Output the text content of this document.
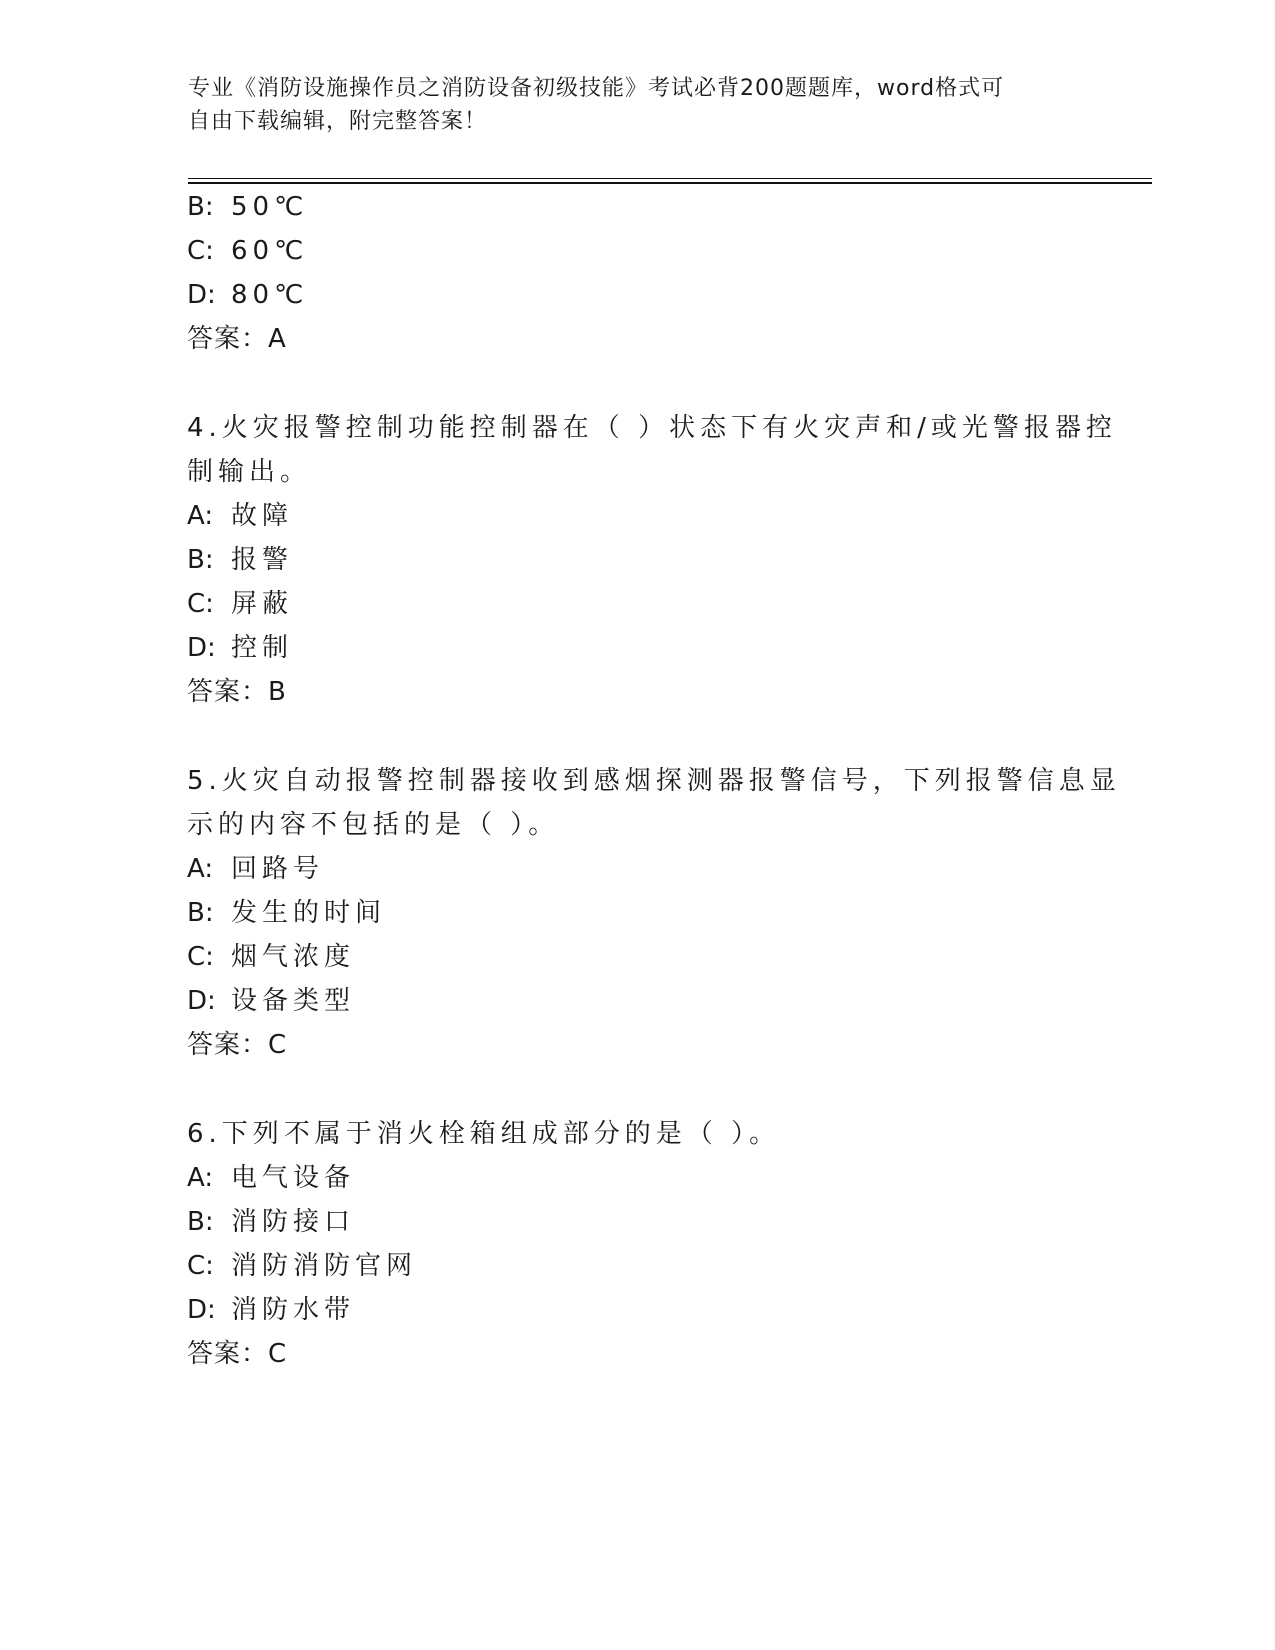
专业《消防设施操作员之消防设备初级技能》考试必背200题题库，word格式可
自由下载编辑，附完整答案！
B: 50℃
C: 60℃
D: 80℃
答案：A
4.火灾报警控制功能控制器在（ ）状态下有火灾声和/或光警报器控
制输出。
A: 故障
B: 报警
C: 屏蔽
D: 控制
答案：B
5.火灾自动报警控制器接收到感烟探测器报警信号，下列报警信息显
示的内容不包括的是（ ）。
A: 回路号
B: 发生的时间
C: 烟气浓度
D: 设备类型
答案：C
6.下列不属于消火栓箱组成部分的是（ ）。
A: 电气设备
B: 消防接口
C: 消防消防官网
D: 消防水带
答案：C
